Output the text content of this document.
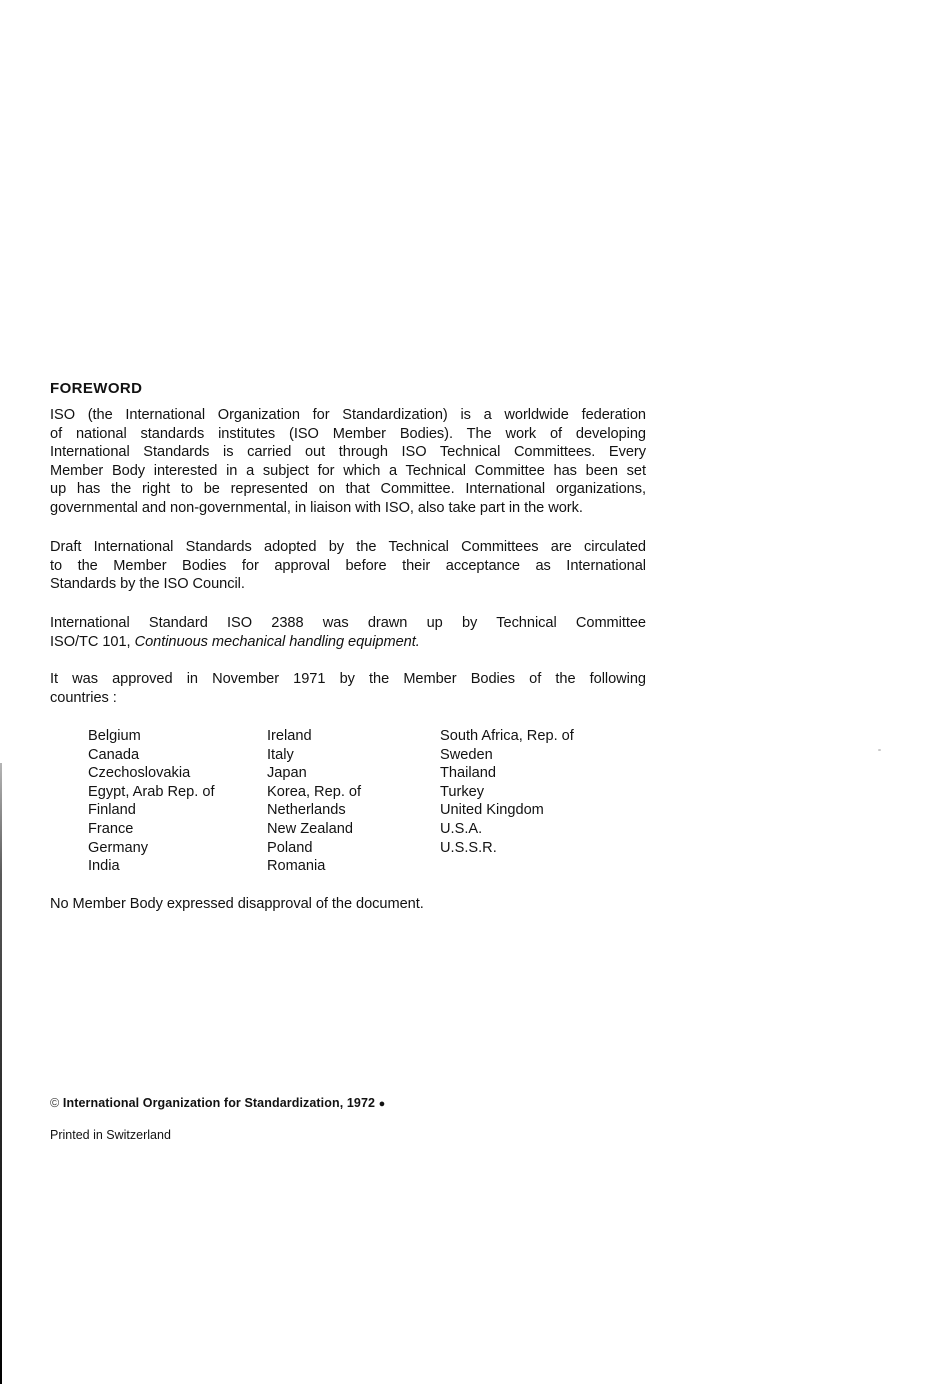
FOREWORD
ISO (the International Organization for Standardization) is a worldwide federation
of national standards institutes (ISO Member Bodies). The work of developing
International Standards is carried out through ISO Technical Committees. Every
Member Body interested in a subject for which a Technical Committee has been set
up has the right to be represented on that Committee. International organizations,
governmental and non-governmental, in liaison with ISO, also take part in the work.
Draft International Standards adopted by the Technical Committees are circulated
to the Member Bodies for approval before their acceptance as International
Standards by the ISO Council.
International Standard ISO 2388 was drawn up by Technical Committee
ISO/TC 101, Continuous mechanical handling equipment.
It was approved in November 1971 by the Member Bodies of the following
countries :
Belgium
Canada
Czechoslovakia
Egypt, Arab Rep. of
Finland
France
Germany
India
Ireland
Italy
Japan
Korea, Rep. of
Netherlands
New Zealand
Poland
Romania
South Africa, Rep. of
Sweden
Thailand
Turkey
United Kingdom
U.S.A.
U.S.S.R.
No Member Body expressed disapproval of the document.
© International Organization for Standardization, 1972 ●
Printed in Switzerland
